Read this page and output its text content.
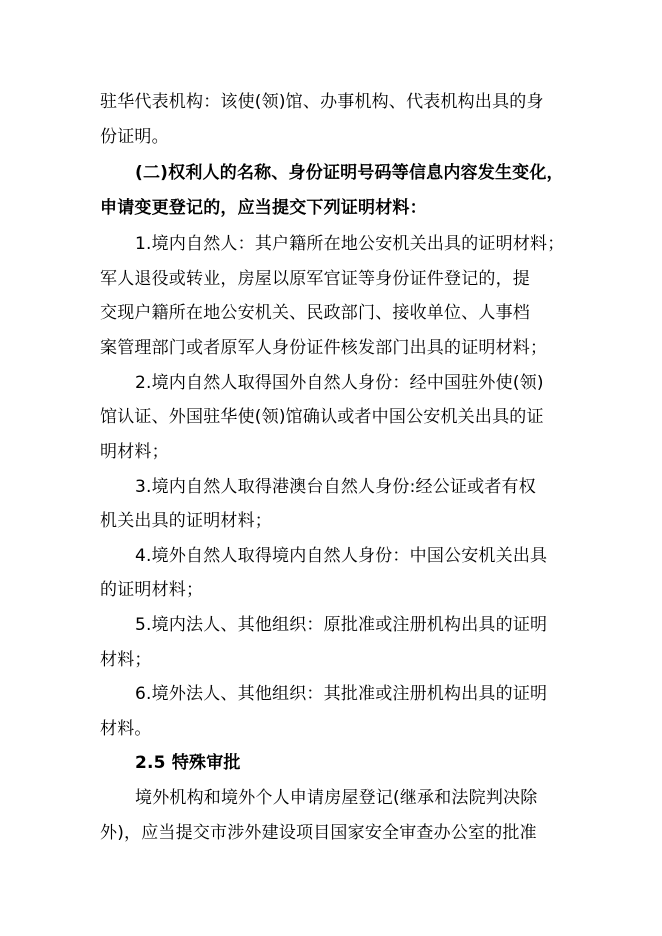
驻华代表机构：该使(领)馆、办事机构、代表机构出具的身
份证明。
(二)权利人的名称、身份证明号码等信息内容发生变化，
申请变更登记的，应当提交下列证明材料：
1.境内自然人：其户籍所在地公安机关出具的证明材料；
军人退役或转业，房屋以原军官证等身份证件登记的，提
交现户籍所在地公安机关、民政部门、接收单位、人事档
案管理部门或者原军人身份证件核发部门出具的证明材料；
2.境内自然人取得国外自然人身份：经中国驻外使(领)
馆认证、外国驻华使(领)馆确认或者中国公安机关出具的证
明材料；
3.境内自然人取得港澳台自然人身份:经公证或者有权
机关出具的证明材料；
4.境外自然人取得境内自然人身份：中国公安机关出具
的证明材料；
5.境内法人、其他组织：原批准或注册机构出具的证明
材料；
6.境外法人、其他组织：其批准或注册机构出具的证明
材料。
2.5 特殊审批
境外机构和境外个人申请房屋登记(继承和法院判决除
外)，应当提交市涉外建设项目国家安全审查办公室的批准
